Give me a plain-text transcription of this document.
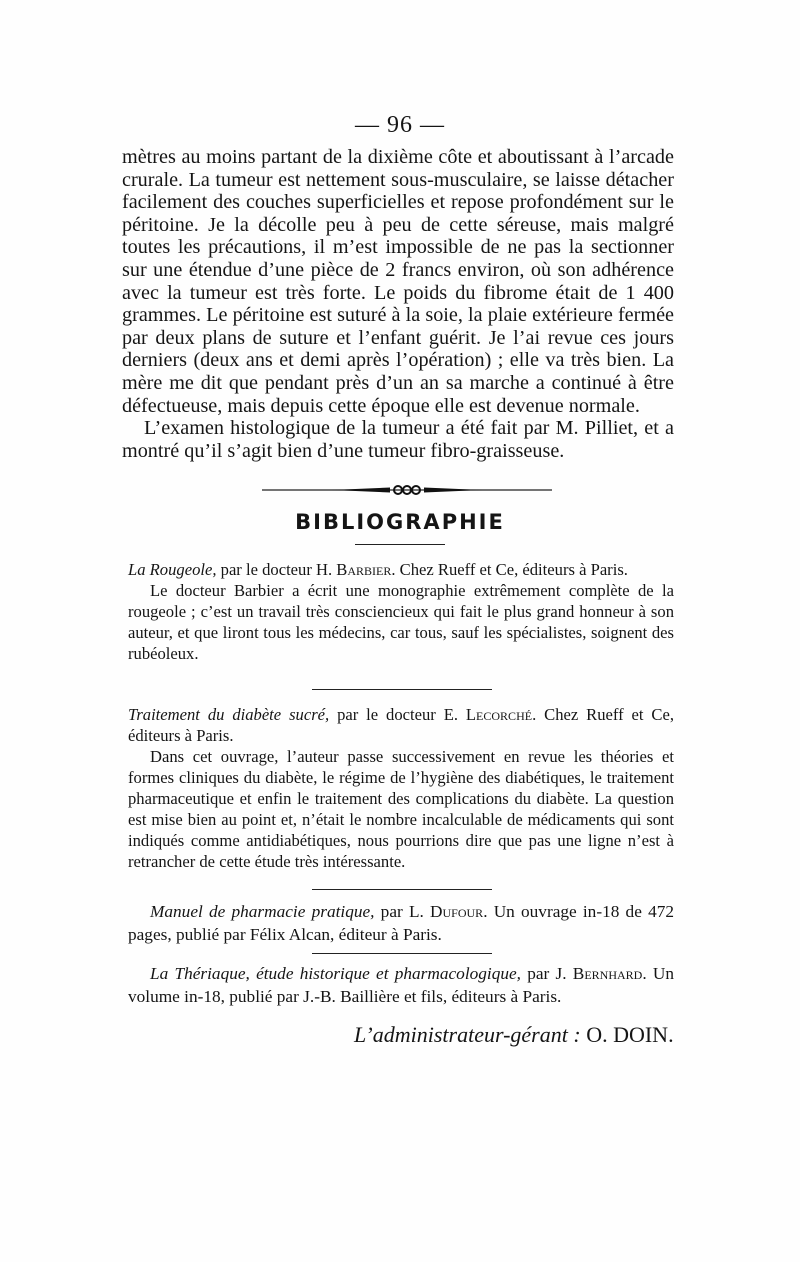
— 96 —

mètres au moins partant de la dixième côte et aboutissant à l’arcade crurale. La tumeur est nettement sous-musculaire, se laisse détacher facilement des couches superficielles et repose profondément sur le péritoine. Je la décolle peu à peu de cette séreuse, mais malgré toutes les précautions, il m’est impossible de ne pas la sectionner sur une étendue d’une pièce de 2 francs environ, où son adhérence avec la tumeur est très forte. Le poids du fibrome était de 1 400 grammes. Le péritoine est suturé à la soie, la plaie extérieure fermée par deux plans de suture et l’enfant guérit. Je l’ai revue ces jours derniers (deux ans et demi après l’opération) ; elle va très bien. La mère me dit que pendant près d’un an sa marche a continué à être défectueuse, mais depuis cette époque elle est devenue normale.

L’examen histologique de la tumeur a été fait par M. Pilliet, et a montré qu’il s’agit bien d’une tumeur fibro-graisseuse.

BIBLIOGRAPHIE

La Rougeole, par le docteur H. Barbier. Chez Rueff et Ce, éditeurs à Paris.

Le docteur Barbier a écrit une monographie extrêmement complète de la rougeole ; c’est un travail très consciencieux qui fait le plus grand honneur à son auteur, et que liront tous les médecins, car tous, sauf les spécialistes, soignent des rubéoleux.

Traitement du diabète sucré, par le docteur E. Lecorché. Chez Rueff et Ce, éditeurs à Paris.

Dans cet ouvrage, l’auteur passe successivement en revue les théories et formes cliniques du diabète, le régime de l’hygiène des diabétiques, le traitement pharmaceutique et enfin le traitement des complications du diabète. La question est mise bien au point et, n’était le nombre incalculable de médicaments qui sont indiqués comme antidiabétiques, nous pourrions dire que pas une ligne n’est à retrancher de cette étude très intéressante.

Manuel de pharmacie pratique, par L. Dufour. Un ouvrage in-18 de 472 pages, publié par Félix Alcan, éditeur à Paris.

La Thériaque, étude historique et pharmacologique, par J. Bernhard. Un volume in-18, publié par J.-B. Baillière et fils, éditeurs à Paris.

L’administrateur-gérant : O. DOIN.
